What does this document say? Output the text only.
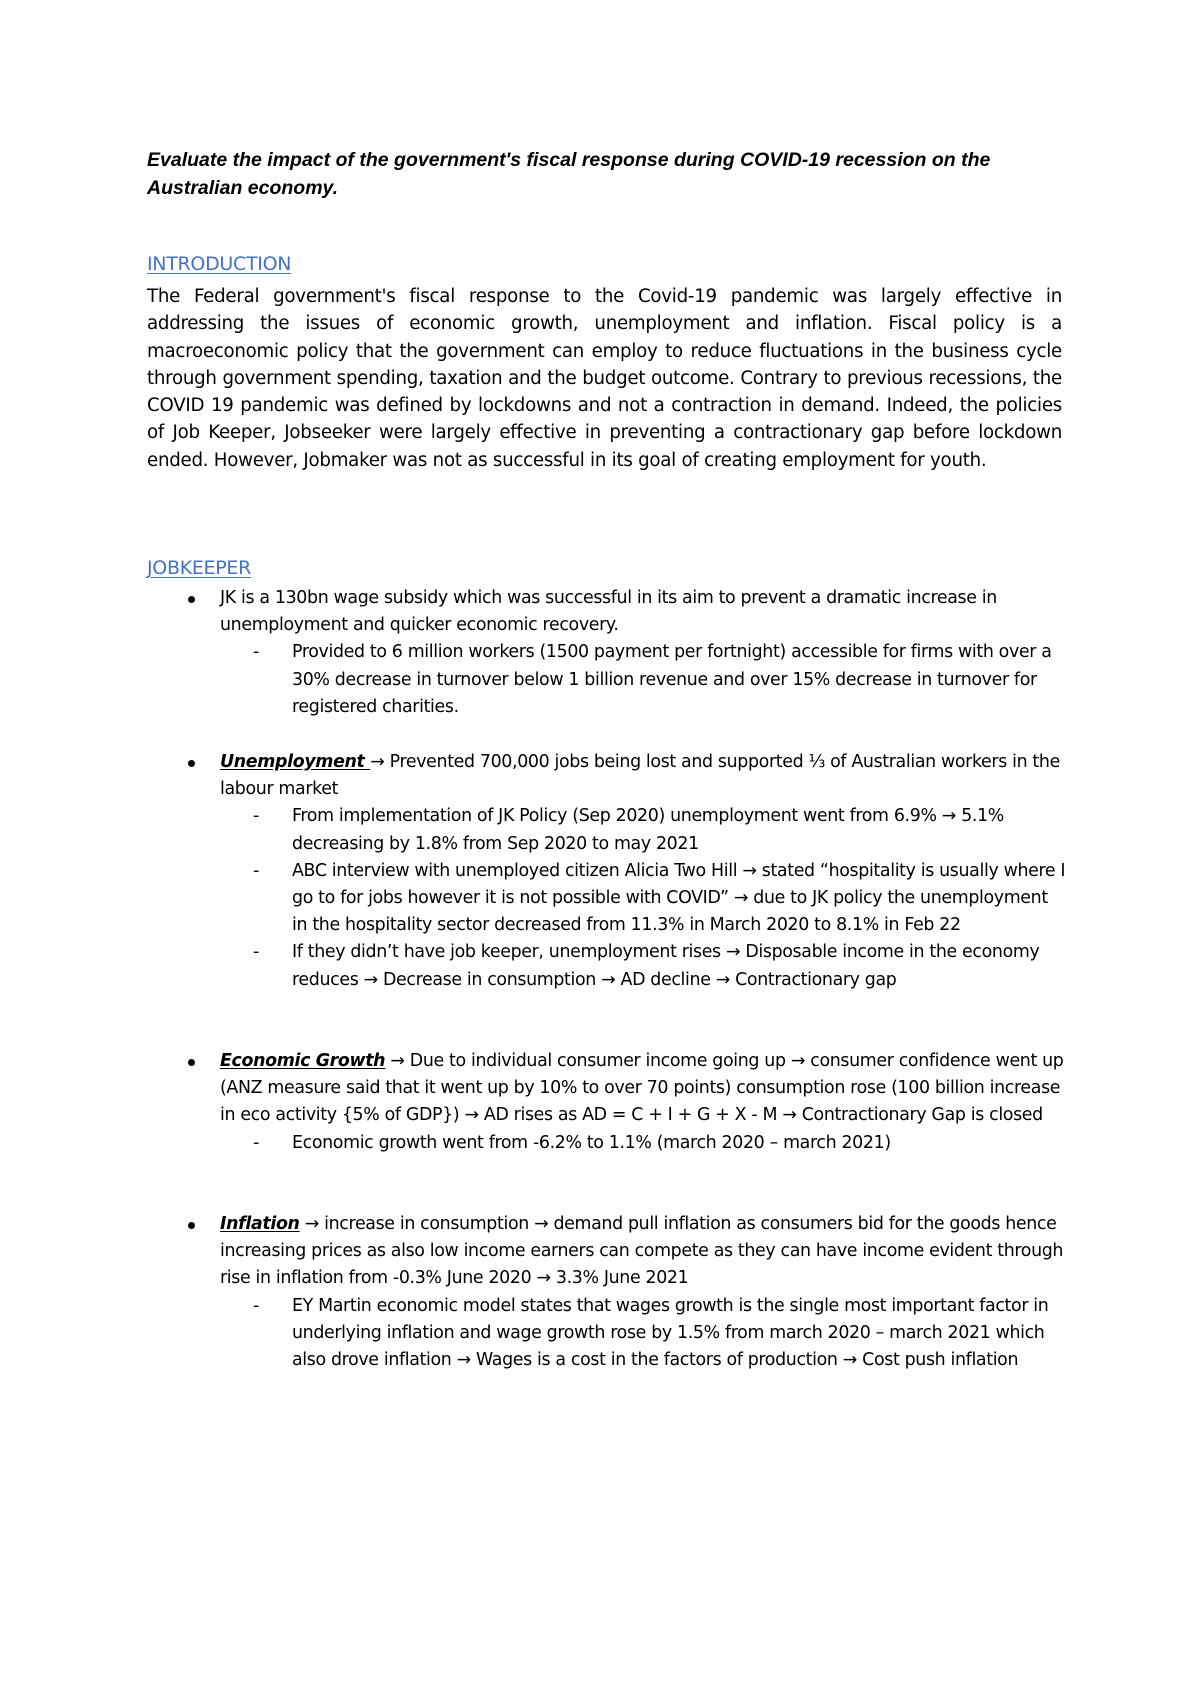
Evaluate the impact of the government's fiscal response during COVID-19 recession on the Australian economy.

INTRODUCTION

The Federal government's fiscal response to the Covid-19 pandemic was largely effective in addressing the issues of economic growth, unemployment and inflation. Fiscal policy is a macroeconomic policy that the government can employ to reduce fluctuations in the business cycle through government spending, taxation and the budget outcome. Contrary to previous recessions, the COVID 19 pandemic was defined by lockdowns and not a contraction in demand. Indeed, the policies of Job Keeper, Jobseeker were largely effective in preventing a contractionary gap before lockdown ended. However, Jobmaker was not as successful in its goal of creating employment for youth.

JOBKEEPER

JK is a 130bn wage subsidy which was successful in its aim to prevent a dramatic increase in unemployment and quicker economic recovery.

- Provided to 6 million workers (1500 payment per fortnight) accessible for firms with over a 30% decrease in turnover below 1 billion revenue and over 15% decrease in turnover for registered charities.

Unemployment → Prevented 700,000 jobs being lost and supported ⅓ of Australian workers in the labour market

- From implementation of JK Policy (Sep 2020) unemployment went from 6.9% → 5.1% decreasing by 1.8% from Sep 2020 to may 2021

- ABC interview with unemployed citizen Alicia Two Hill → stated “hospitality is usually where I go to for jobs however it is not possible with COVID” → due to JK policy the unemployment in the hospitality sector decreased from 11.3% in March 2020 to 8.1% in Feb 22

- If they didn’t have job keeper, unemployment rises → Disposable income in the economy reduces → Decrease in consumption → AD decline → Contractionary gap

Economic Growth → Due to individual consumer income going up → consumer confidence went up (ANZ measure said that it went up by 10% to over 70 points) consumption rose (100 billion increase in eco activity {5% of GDP}) → AD rises as AD = C + I + G + X - M → Contractionary Gap is closed

- Economic growth went from -6.2% to 1.1% (march 2020 – march 2021)

Inflation → increase in consumption → demand pull inflation as consumers bid for the goods hence increasing prices as also low income earners can compete as they can have income evident through rise in inflation from -0.3% June 2020 → 3.3% June 2021

- EY Martin economic model states that wages growth is the single most important factor in underlying inflation and wage growth rose by 1.5% from march 2020 – march 2021 which also drove inflation → Wages is a cost in the factors of production → Cost push inflation
